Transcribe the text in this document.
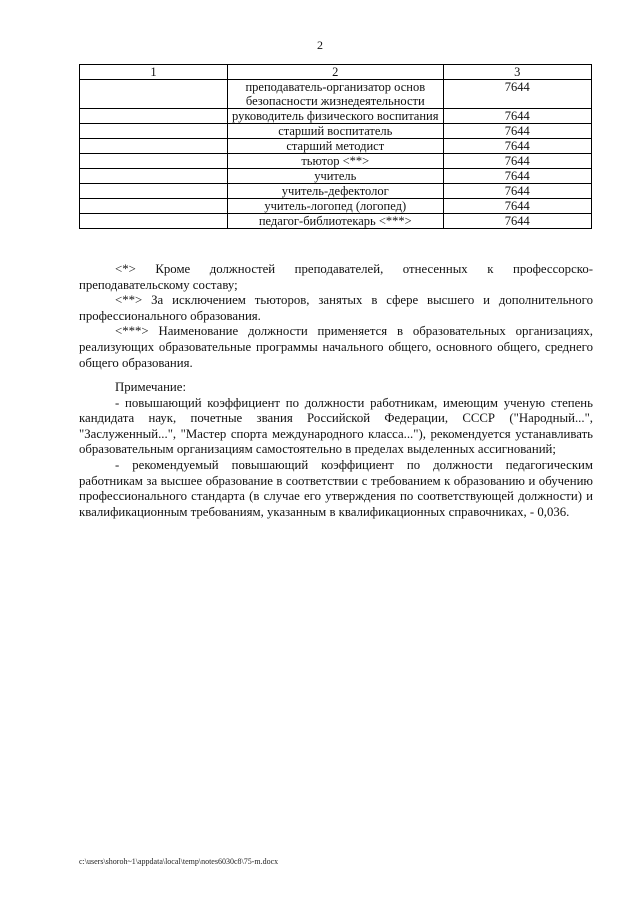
2
1	2	3
	преподаватель-организатор основ безопасности жизнедеятельности	7644
	руководитель физического воспитания	7644
	старший воспитатель	7644
	старший методист	7644
	тьютор <**>	7644
	учитель	7644
	учитель-дефектолог	7644
	учитель-логопед (логопед)	7644
	педагог-библиотекарь <***>	7644

<*> Кроме должностей преподавателей, отнесенных к профессорско-преподавательскому составу;

<**> За исключением тьюторов, занятых в сфере высшего и дополнительного профессионального образования.

<***> Наименование должности применяется в образовательных организациях, реализующих образовательные программы начального общего, основного общего, среднего общего образования.

Примечание:

- повышающий коэффициент по должности работникам, имеющим ученую степень кандидата наук, почетные звания Российской Федерации, СССР ("Народный...", "Заслуженный...", "Мастер спорта международного класса..."), рекомендуется устанавливать образовательным организациям самостоятельно в пределах выделенных ассигнований;

- рекомендуемый повышающий коэффициент по должности педагогическим работникам за высшее образование в соответствии с требованием к образованию и обучению профессионального стандарта (в случае его утверждения по соответствующей должности) и квалификационным требованиям, указанным в квалификационных справочниках, - 0,036.

c:\users\shoroh~1\appdata\local\temp\notes6030c8\75-m.docx
